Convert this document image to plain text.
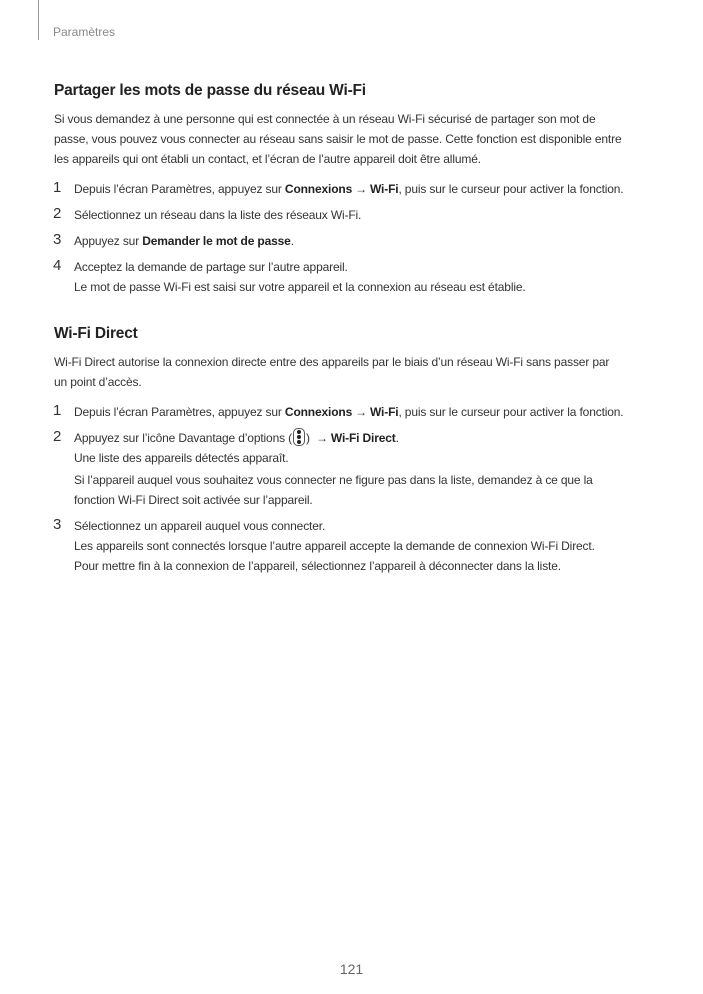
Paramètres
Partager les mots de passe du réseau Wi-Fi

Si vous demandez à une personne qui est connectée à un réseau Wi-Fi sécurisé de partager son mot de
passe, vous pouvez vous connecter au réseau sans saisir le mot de passe. Cette fonction est disponible entre
les appareils qui ont établi un contact, et l’écran de l’autre appareil doit être allumé.

1 Depuis l’écran Paramètres, appuyez sur Connexions → Wi-Fi, puis sur le curseur pour activer la fonction.
2 Sélectionnez un réseau dans la liste des réseaux Wi-Fi.
3 Appuyez sur Demander le mot de passe.
4 Acceptez la demande de partage sur l’autre appareil.
Le mot de passe Wi-Fi est saisi sur votre appareil et la connexion au réseau est établie.
Wi-Fi Direct

Wi-Fi Direct autorise la connexion directe entre des appareils par le biais d’un réseau Wi-Fi sans passer par
un point d’accès.

1 Depuis l’écran Paramètres, appuyez sur Connexions → Wi-Fi, puis sur le curseur pour activer la fonction.
2 Appuyez sur l’icône Davantage d’options ( ) → Wi-Fi Direct.
Une liste des appareils détectés apparaît.
Si l’appareil auquel vous souhaitez vous connecter ne figure pas dans la liste, demandez à ce que la
fonction Wi-Fi Direct soit activée sur l’appareil.
3 Sélectionnez un appareil auquel vous connecter.
Les appareils sont connectés lorsque l’autre appareil accepte la demande de connexion Wi-Fi Direct.
Pour mettre fin à la connexion de l’appareil, sélectionnez l’appareil à déconnecter dans la liste.
121
